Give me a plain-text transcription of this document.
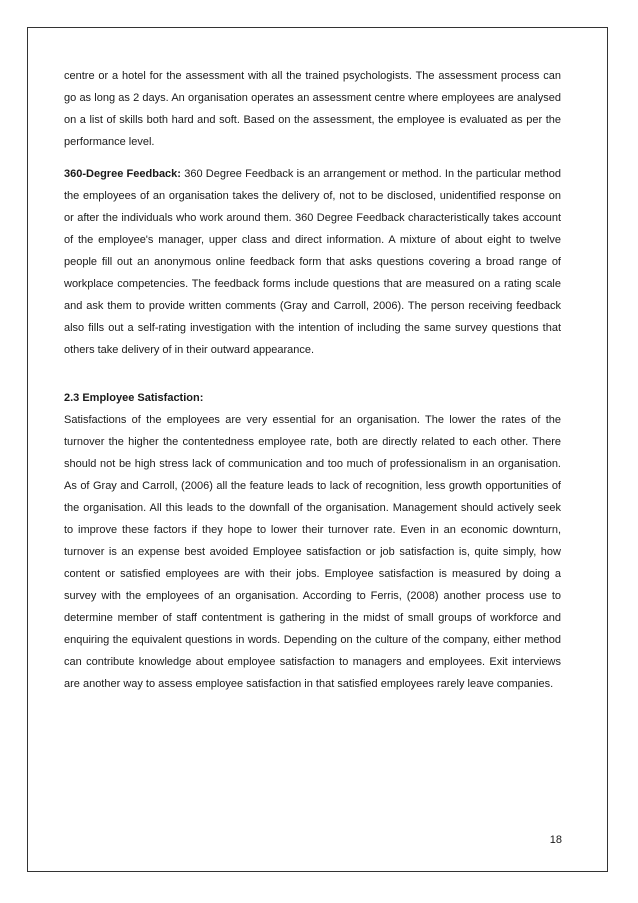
centre or a hotel for the assessment with all the trained psychologists. The assessment process can go as long as 2 days. An organisation operates an assessment centre where employees are analysed on a list of skills both hard and soft. Based on the assessment, the employee is evaluated as per the performance level.

360-Degree Feedback: 360 Degree Feedback is an arrangement or method. In the particular method the employees of an organisation takes the delivery of, not to be disclosed, unidentified response on or after the individuals who work around them. 360 Degree Feedback characteristically takes account of the employee's manager, upper class and direct information. A mixture of about eight to twelve people fill out an anonymous online feedback form that asks questions covering a broad range of workplace competencies. The feedback forms include questions that are measured on a rating scale and ask them to provide written comments (Gray and Carroll, 2006). The person receiving feedback also fills out a self-rating investigation with the intention of including the same survey questions that others take delivery of in their outward appearance.

2.3 Employee Satisfaction:

Satisfactions of the employees are very essential for an organisation. The lower the rates of the turnover the higher the contentedness employee rate, both are directly related to each other. There should not be high stress lack of communication and too much of professionalism in an organisation. As of Gray and Carroll, (2006) all the feature leads to lack of recognition, less growth opportunities of the organisation. All this leads to the downfall of the organisation. Management should actively seek to improve these factors if they hope to lower their turnover rate. Even in an economic downturn, turnover is an expense best avoided Employee satisfaction or job satisfaction is, quite simply, how content or satisfied employees are with their jobs. Employee satisfaction is measured by doing a survey with the employees of an organisation. According to Ferris, (2008) another process use to determine member of staff contentment is gathering in the midst of small groups of workforce and enquiring the equivalent questions in words. Depending on the culture of the company, either method can contribute knowledge about employee satisfaction to managers and employees. Exit interviews are another way to assess employee satisfaction in that satisfied employees rarely leave companies.

18
